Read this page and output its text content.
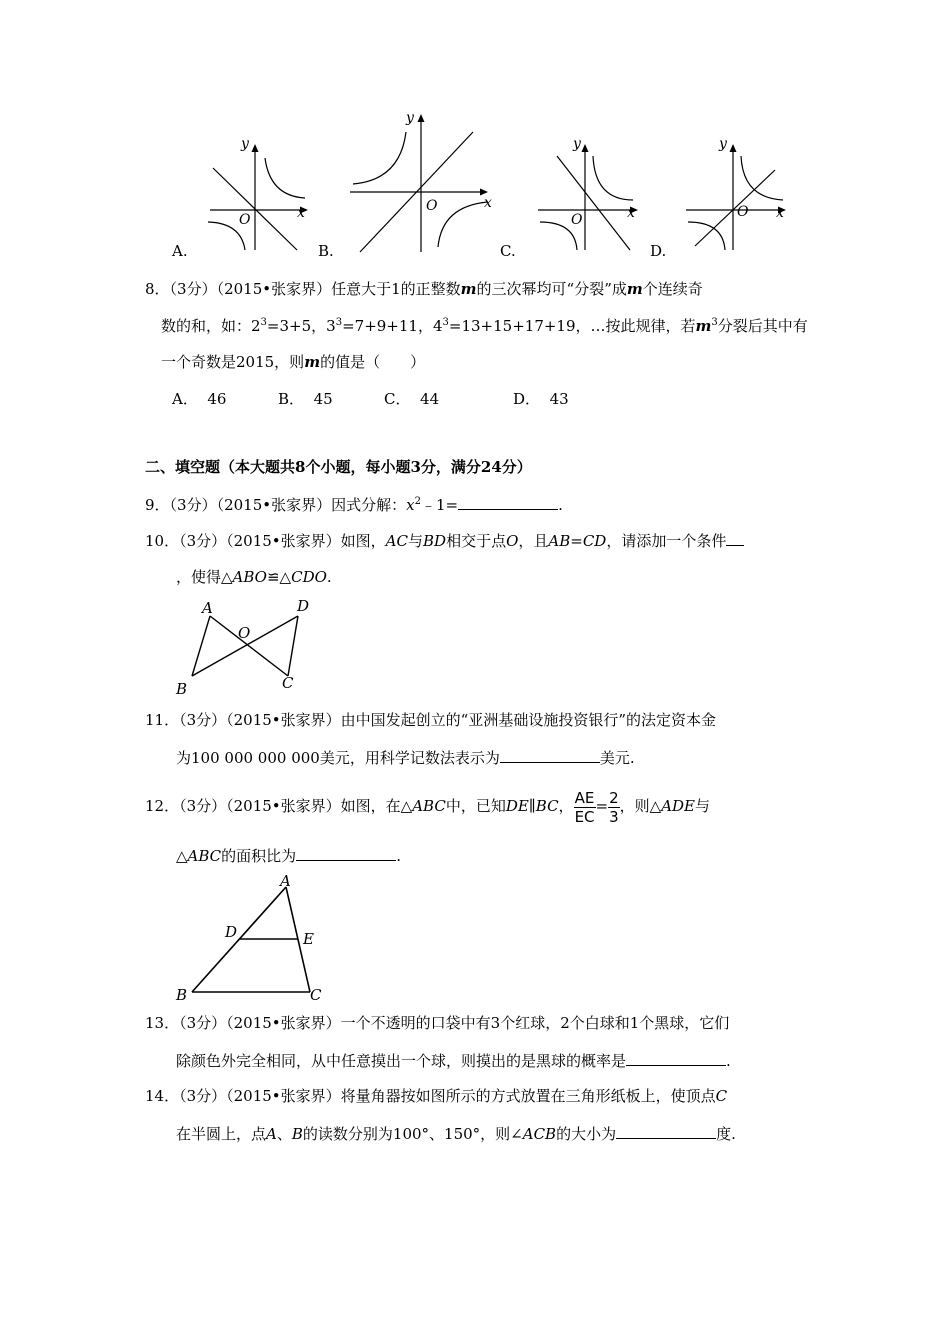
y
x
O
A.
y
x
O
B.
y
x
O
C.
y
x
O
D.
8．（3分）（2015•张家界）任意大于1的正整数m的三次幂均可“分裂”成m个连续奇
数的和，如：$2^3=3+5$，$3^3=7+9+11$，$4^3=13+15+17+19$，…按此规律，若$m^3$分裂后其中有
一个奇数是2015，则m的值是（　　）
A． 46	B． 45	C． 44	D． 43
二、填空题（本大题共8个小题，每小题3分，满分24分）
9．（3分）（2015•张家界）因式分解：$x^2﹣1=$	.
10．（3分）（2015•张家界）如图，AC与BD相交于点O，且AB=CD，请添加一个条件
，使得△ABO≌△CDO.
A	D
O
B	C
11．（3分）（2015•张家界）由中国发起创立的“亚洲基础设施投资银行”的法定资本金
为100 000 000 000美元，用科学记数法表示为	美元.
12．（3分）（2015•张家界）如图，在△ABC中，已知DE∥BC， $\frac{AE}{EC} = \frac{2}{3}$ ，则△ADE与
△ABC的面积比为	.
A
D	E
B	C
13．（3分）（2015•张家界）一个不透明的口袋中有3个红球，2个白球和1个黑球，它们
除颜色外完全相同，从中任意摸出一个球，则摸出的是黑球的概率是	.
14．（3分）（2015•张家界）将量角器按如图所示的方式放置在三角形纸板上，使顶点C
在半圆上，点A、B的读数分别为100°、150°，则∠ACB的大小为	度.
